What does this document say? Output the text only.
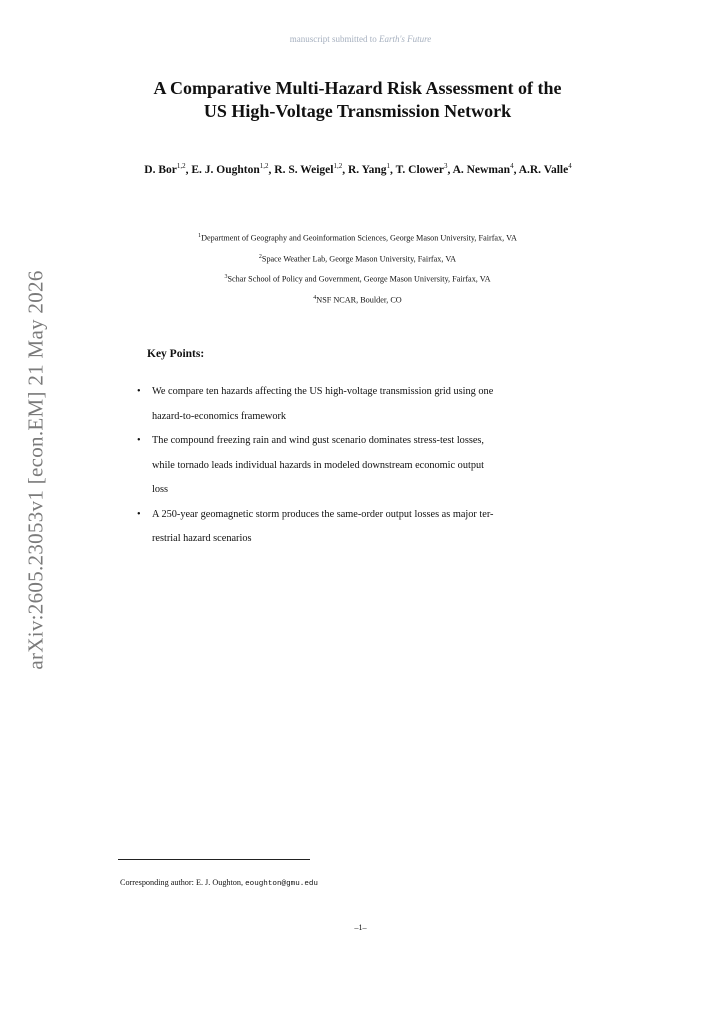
manuscript submitted to Earth's Future
arXiv:2605.23053v1 [econ.EM] 21 May 2026
A Comparative Multi-Hazard Risk Assessment of the
US High-Voltage Transmission Network
D. Bor$^{1,2}$, E. J. Oughton$^{1,2}$, R. S. Weigel$^{1,2}$, R. Yang$^1$, T. Clower$^3$, A. Newman$^4$, A.R. Valle$^4$
$^1$Department of Geography and Geoinformation Sciences, George Mason University, Fairfax, VA
$^2$Space Weather Lab, George Mason University, Fairfax, VA
$^3$Schar School of Policy and Government, George Mason University, Fairfax, VA
$^4$NSF NCAR, Boulder, CO
Key Points:
• We compare ten hazards affecting the US high-voltage transmission grid using one
hazard-to-economics framework
• The compound freezing rain and wind gust scenario dominates stress-test losses,
while tornado leads individual hazards in modeled downstream economic output
loss
• A 250-year geomagnetic storm produces the same-order output losses as major ter-
restrial hazard scenarios
Corresponding author: E. J. Oughton, eoughton@gmu.edu
–1–
